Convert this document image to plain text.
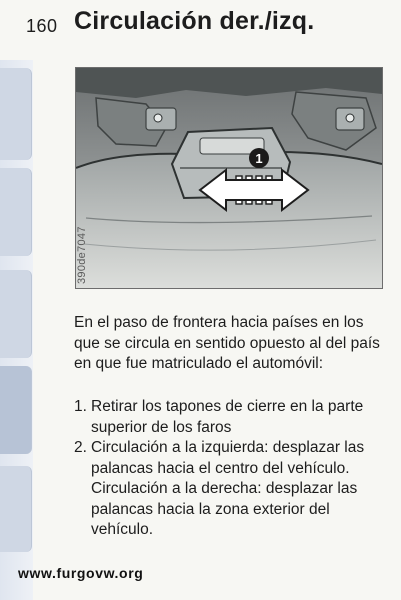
160 Circulación der./izq.
1
390de7047
En el paso de frontera hacia países en los que se circula en sentido opuesto al del país en que fue matriculado el automóvil:
1. Retirar los tapones de cierre en la parte superior de los faros
2. Circulación a la izquierda: desplazar las palancas hacia el centro del vehículo.
Circulación a la derecha: desplazar las palancas hacia la zona exterior del vehículo.
www.furgovw.org
